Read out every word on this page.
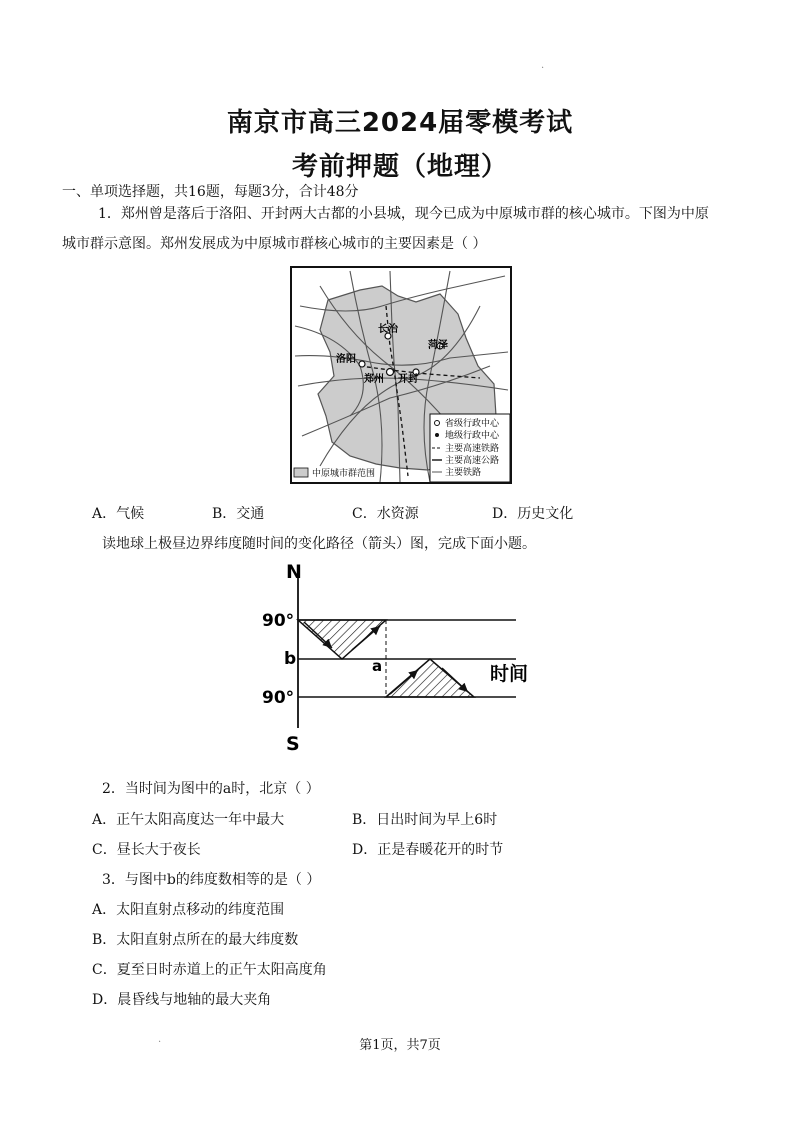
.
南京市高三2024届零模考试
考前押题（地理）
一、单项选择题，共16题，每题3分，合计48分
1．郑州曾是落后于洛阳、开封两大古都的小县城，现今已成为中原城市群的核心城市。下图为中原
城市群示意图。郑州发展成为中原城市群核心城市的主要因素是（ ）
长治
菏泽
洛阳
郑州 开封
省级行政中心
地级行政中心
主要高速铁路
主要高速公路
主要铁路
中原城市群范围
A．气候	B．交通	C．水资源	D．历史文化
读地球上极昼边界纬度随时间的变化路径（箭头）图，完成下面小题。
N
S
90°
90°
b	a	时间
2．当时间为图中的a时，北京（ ）
A．正午太阳高度达一年中最大	B．日出时间为早上6时
C．昼长大于夜长	D．正是春暖花开的时节
3．与图中b的纬度数相等的是（ ）
A．太阳直射点移动的纬度范围
B．太阳直射点所在的最大纬度数
C．夏至日时赤道上的正午太阳高度角
D．晨昏线与地轴的最大夹角
.	第1页，共7页
